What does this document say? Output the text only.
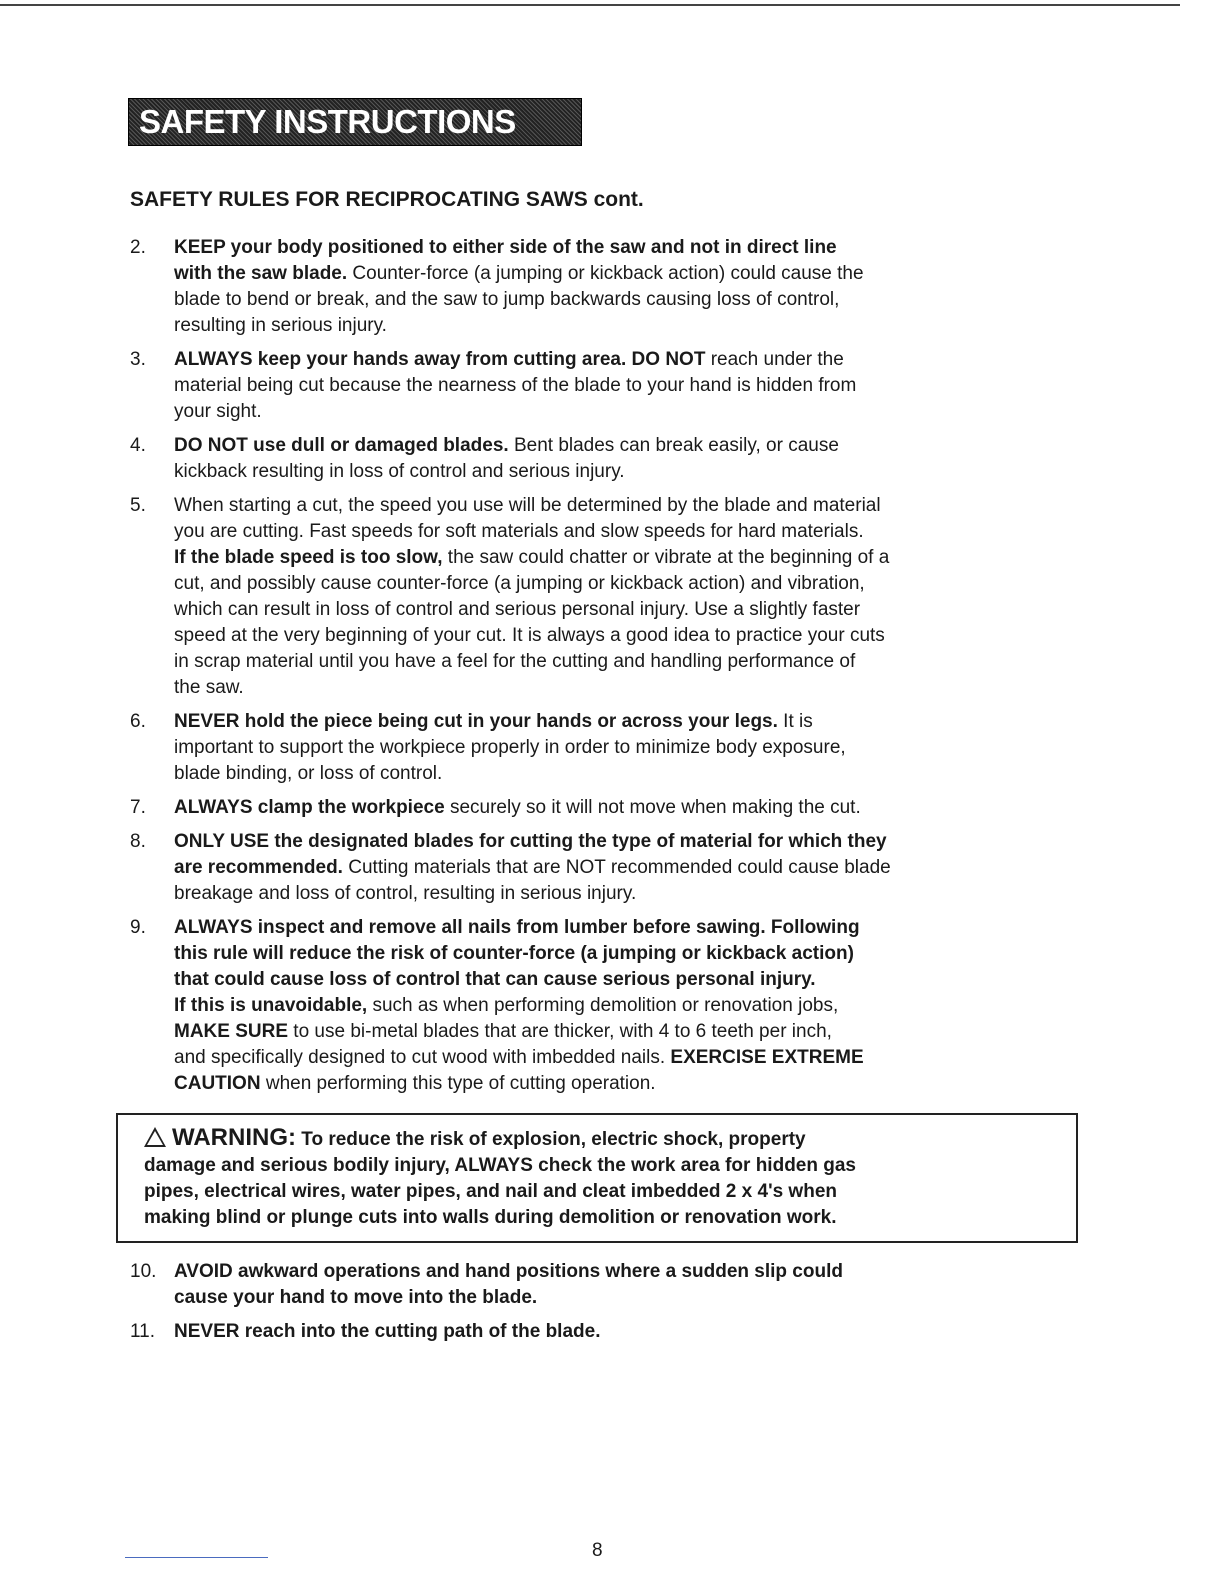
SAFETY INSTRUCTIONS cont.
SAFETY RULES FOR RECIPROCATING SAWS cont.
2. KEEP your body positioned to either side of the saw and not in direct line
with the saw blade. Counter-force (a jumping or kickback action) could cause the
blade to bend or break, and the saw to jump backwards causing loss of control,
resulting in serious injury.
3. ALWAYS keep your hands away from cutting area. DO NOT reach under the
material being cut because the nearness of the blade to your hand is hidden from
your sight.
4. DO NOT use dull or damaged blades. Bent blades can break easily, or cause
kickback resulting in loss of control and serious injury.
5. When starting a cut, the speed you use will be determined by the blade and material
you are cutting. Fast speeds for soft materials and slow speeds for hard materials.
If the blade speed is too slow, the saw could chatter or vibrate at the beginning of a
cut, and possibly cause counter-force (a jumping or kickback action) and vibration,
which can result in loss of control and serious personal injury. Use a slightly faster
speed at the very beginning of your cut. It is always a good idea to practice your cuts
in scrap material until you have a feel for the cutting and handling performance of
the saw.
6. NEVER hold the piece being cut in your hands or across your legs. It is
important to support the workpiece properly in order to minimize body exposure,
blade binding, or loss of control.
7. ALWAYS clamp the workpiece securely so it will not move when making the cut.
8. ONLY USE the designated blades for cutting the type of material for which they
are recommended. Cutting materials that are NOT recommended could cause blade
breakage and loss of control, resulting in serious injury.
9. ALWAYS inspect and remove all nails from lumber before sawing. Following
this rule will reduce the risk of counter-force (a jumping or kickback action)
that could cause loss of control that can cause serious personal injury.
If this is unavoidable, such as when performing demolition or renovation jobs,
MAKE SURE to use bi-metal blades that are thicker, with 4 to 6 teeth per inch,
and specifically designed to cut wood with imbedded nails. EXERCISE EXTREME
CAUTION when performing this type of cutting operation.
WARNING: To reduce the risk of explosion, electric shock, property
damage and serious bodily injury, ALWAYS check the work area for hidden gas
pipes, electrical wires, water pipes, and nail and cleat imbedded 2 x 4's when
making blind or plunge cuts into walls during demolition or renovation work.
10. AVOID awkward operations and hand positions where a sudden slip could
cause your hand to move into the blade.
11. NEVER reach into the cutting path of the blade.
8
